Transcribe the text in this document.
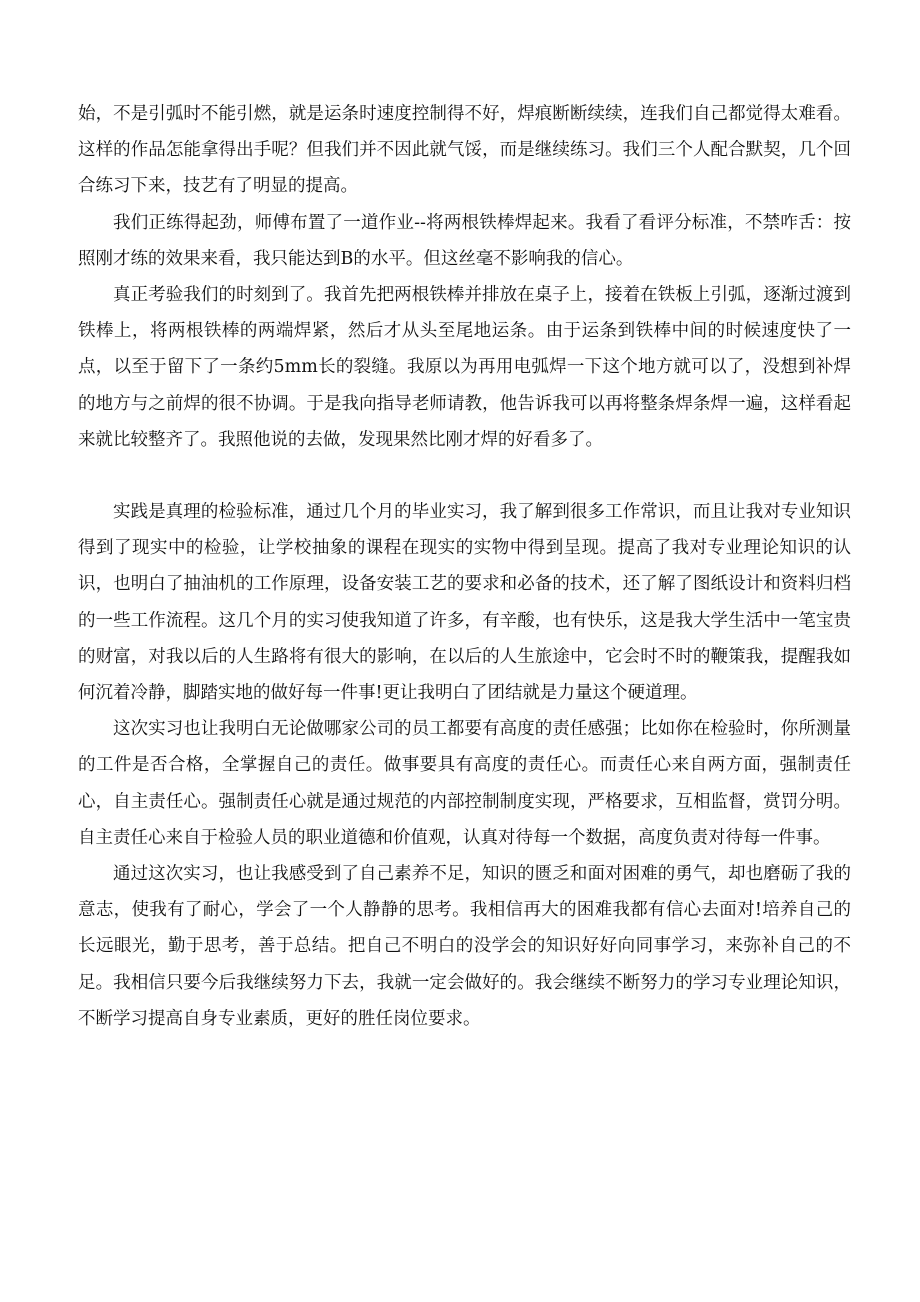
始，不是引弧时不能引燃，就是运条时速度控制得不好，焊痕断断续续，连我们自己都觉得太难看。这样的作品怎能拿得出手呢？但我们并不因此就气馁，而是继续练习。我们三个人配合默契，几个回合练习下来，技艺有了明显的提高。

我们正练得起劲，师傅布置了一道作业--将两根铁棒焊起来。我看了看评分标准，不禁咋舌：按照刚才练的效果来看，我只能达到B的水平。但这丝毫不影响我的信心。

真正考验我们的时刻到了。我首先把两根铁棒并排放在桌子上，接着在铁板上引弧，逐渐过渡到铁棒上，将两根铁棒的两端焊紧，然后才从头至尾地运条。由于运条到铁棒中间的时候速度快了一点，以至于留下了一条约5mm长的裂缝。我原以为再用电弧焊一下这个地方就可以了，没想到补焊的地方与之前焊的很不协调。于是我向指导老师请教，他告诉我可以再将整条焊条焊一遍，这样看起来就比较整齐了。我照他说的去做，发现果然比刚才焊的好看多了。

实践是真理的检验标准，通过几个月的毕业实习，我了解到很多工作常识，而且让我对专业知识得到了现实中的检验，让学校抽象的课程在现实的实物中得到呈现。提高了我对专业理论知识的认识，也明白了抽油机的工作原理，设备安装工艺的要求和必备的技术，还了解了图纸设计和资料归档的一些工作流程。这几个月的实习使我知道了许多，有辛酸，也有快乐，这是我大学生活中一笔宝贵的财富，对我以后的人生路将有很大的影响，在以后的人生旅途中，它会时不时的鞭策我，提醒我如何沉着冷静，脚踏实地的做好每一件事!更让我明白了团结就是力量这个硬道理。

这次实习也让我明白无论做哪家公司的员工都要有高度的责任感强；比如你在检验时，你所测量的工件是否合格，全掌握自己的责任。做事要具有高度的责任心。而责任心来自两方面，强制责任心，自主责任心。强制责任心就是通过规范的内部控制制度实现，严格要求，互相监督，赏罚分明。自主责任心来自于检验人员的职业道德和价值观，认真对待每一个数据，高度负责对待每一件事。

通过这次实习，也让我感受到了自己素养不足，知识的匮乏和面对困难的勇气，却也磨砺了我的意志，使我有了耐心，学会了一个人静静的思考。我相信再大的困难我都有信心去面对!培养自己的长远眼光，勤于思考，善于总结。把自己不明白的没学会的知识好好向同事学习，来弥补自己的不足。我相信只要今后我继续努力下去，我就一定会做好的。我会继续不断努力的学习专业理论知识，不断学习提高自身专业素质，更好的胜任岗位要求。
